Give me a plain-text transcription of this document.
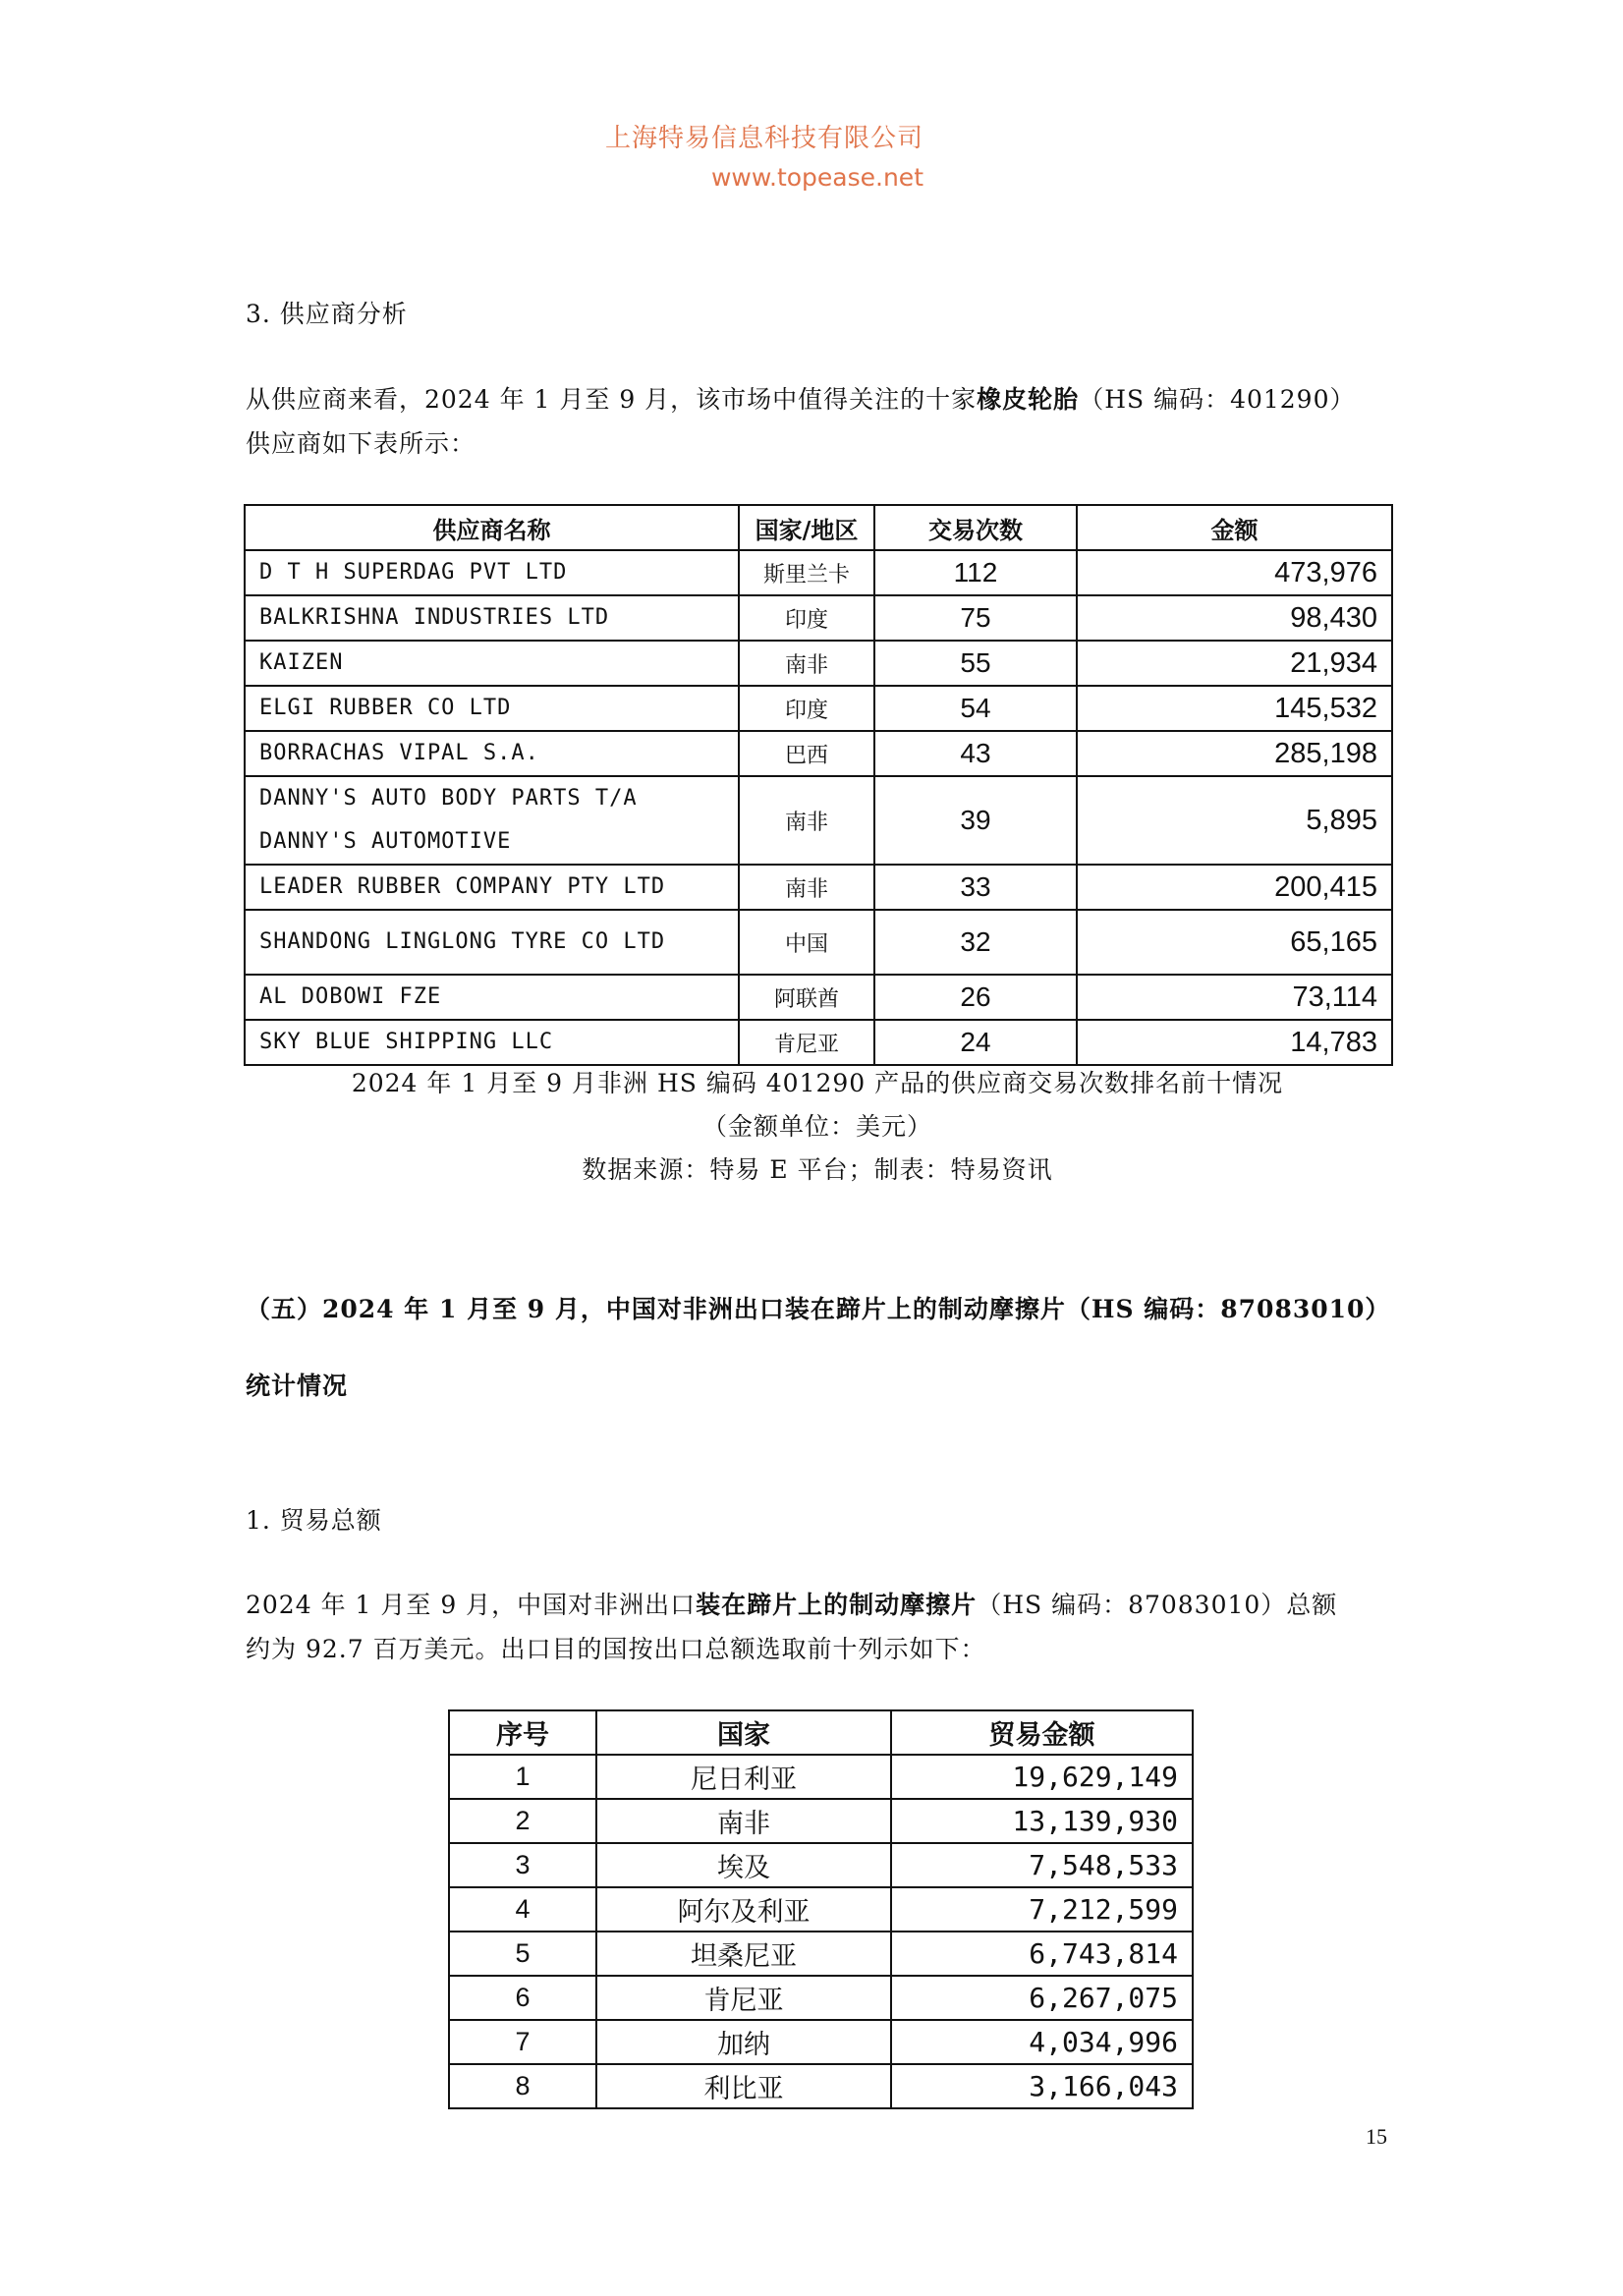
上海特易信息科技有限公司
www.topease.net
3. 供应商分析
从供应商来看，2024 年 1 月至 9 月，该市场中值得关注的十家橡皮轮胎（HS 编码：401290）
供应商如下表所示：
供应商名称	国家/地区	交易次数	金额
D T H SUPERDAG PVT LTD	斯里兰卡	112	473,976
BALKRISHNA INDUSTRIES LTD	印度	75	98,430
KAIZEN	南非	55	21,934
ELGI RUBBER CO LTD	印度	54	145,532
BORRACHAS VIPAL S.A.	巴西	43	285,198
DANNY'S AUTO BODY PARTS T/A DANNY'S AUTOMOTIVE	南非	39	5,895
LEADER RUBBER COMPANY PTY LTD	南非	33	200,415
SHANDONG LINGLONG TYRE CO LTD	中国	32	65,165
AL DOBOWI FZE	阿联酋	26	73,114
SKY BLUE SHIPPING LLC	肯尼亚	24	14,783
2024 年 1 月至 9 月非洲 HS 编码 401290 产品的供应商交易次数排名前十情况
（金额单位：美元）
数据来源：特易 E 平台；制表：特易资讯
（五）2024 年 1 月至 9 月，中国对非洲出口装在蹄片上的制动摩擦片（HS 编码：87083010）
统计情况
1. 贸易总额
2024 年 1 月至 9 月，中国对非洲出口装在蹄片上的制动摩擦片（HS 编码：87083010）总额
约为 92.7 百万美元。出口目的国按出口总额选取前十列示如下：
序号	国家	贸易金额
1	尼日利亚	19,629,149
2	南非	13,139,930
3	埃及	7,548,533
4	阿尔及利亚	7,212,599
5	坦桑尼亚	6,743,814
6	肯尼亚	6,267,075
7	加纳	4,034,996
8	利比亚	3,166,043
15
